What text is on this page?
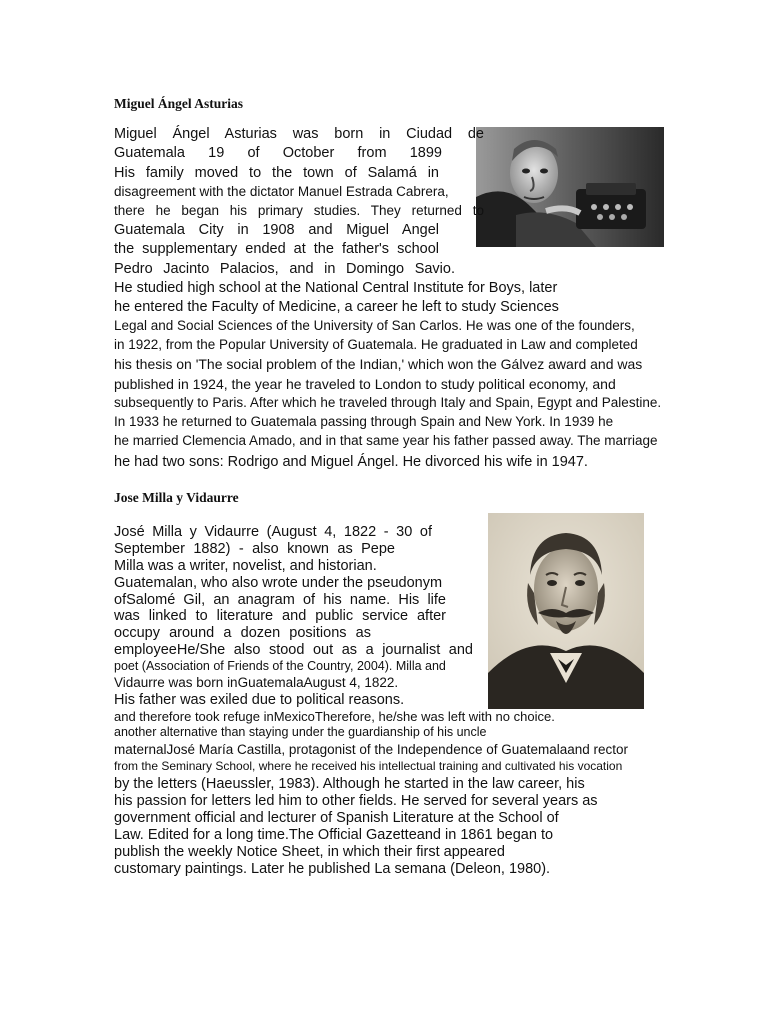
Miguel Ángel Asturias

Miguel Ángel Asturias was born in Ciudad de

Guatemala 19 of October from 1899

His family moved to the town of Salamá in

disagreement with the dictator Manuel Estrada Cabrera,

there he began his primary studies. They returned to

Guatemala City in 1908 and Miguel Angel

the supplementary ended at the father's school

Pedro Jacinto Palacios, and in Domingo Savio.

He studied high school at the National Central Institute for Boys, later

he entered the Faculty of Medicine, a career he left to study Sciences

Legal and Social Sciences of the University of San Carlos. He was one of the founders,

in 1922, from the Popular University of Guatemala. He graduated in Law and completed

his thesis on 'The social problem of the Indian,' which won the Gálvez award and was

published in 1924, the year he traveled to London to study political economy, and

subsequently to Paris. After which he traveled through Italy and Spain, Egypt and Palestine.

In 1933 he returned to Guatemala passing through Spain and New York. In 1939 he

he married Clemencia Amado, and in that same year his father passed away. The marriage

he had two sons: Rodrigo and Miguel Ángel. He divorced his wife in 1947.

Jose Milla y Vidaurre

José Milla y Vidaurre (August 4, 1822 - 30 of

September 1882) - also known as Pepe

Milla was a writer, novelist, and historian.

Guatemalan, who also wrote under the pseudonym

ofSalomé Gil, an anagram of his name. His life

was linked to literature and public service after

occupy around a dozen positions as

employeeHe/She also stood out as a journalist and

poet (Association of Friends of the Country, 2004). Milla and

Vidaurre was born inGuatemalaAugust 4, 1822.

His father was exiled due to political reasons.

and therefore took refuge inMexicoTherefore, he/she was left with no choice.

another alternative than staying under the guardianship of his uncle

maternalJosé María Castilla, protagonist of the Independence of Guatemalaand rector

from the Seminary School, where he received his intellectual training and cultivated his vocation

by the letters (Haeussler, 1983). Although he started in the law career, his

his passion for letters led him to other fields. He served for several years as

government official and lecturer of Spanish Literature at the School of

Law. Edited for a long time.The Official Gazetteand in 1861 began to

publish the weekly Notice Sheet, in which their first appeared

customary paintings. Later he published La semana (Deleon, 1980).
